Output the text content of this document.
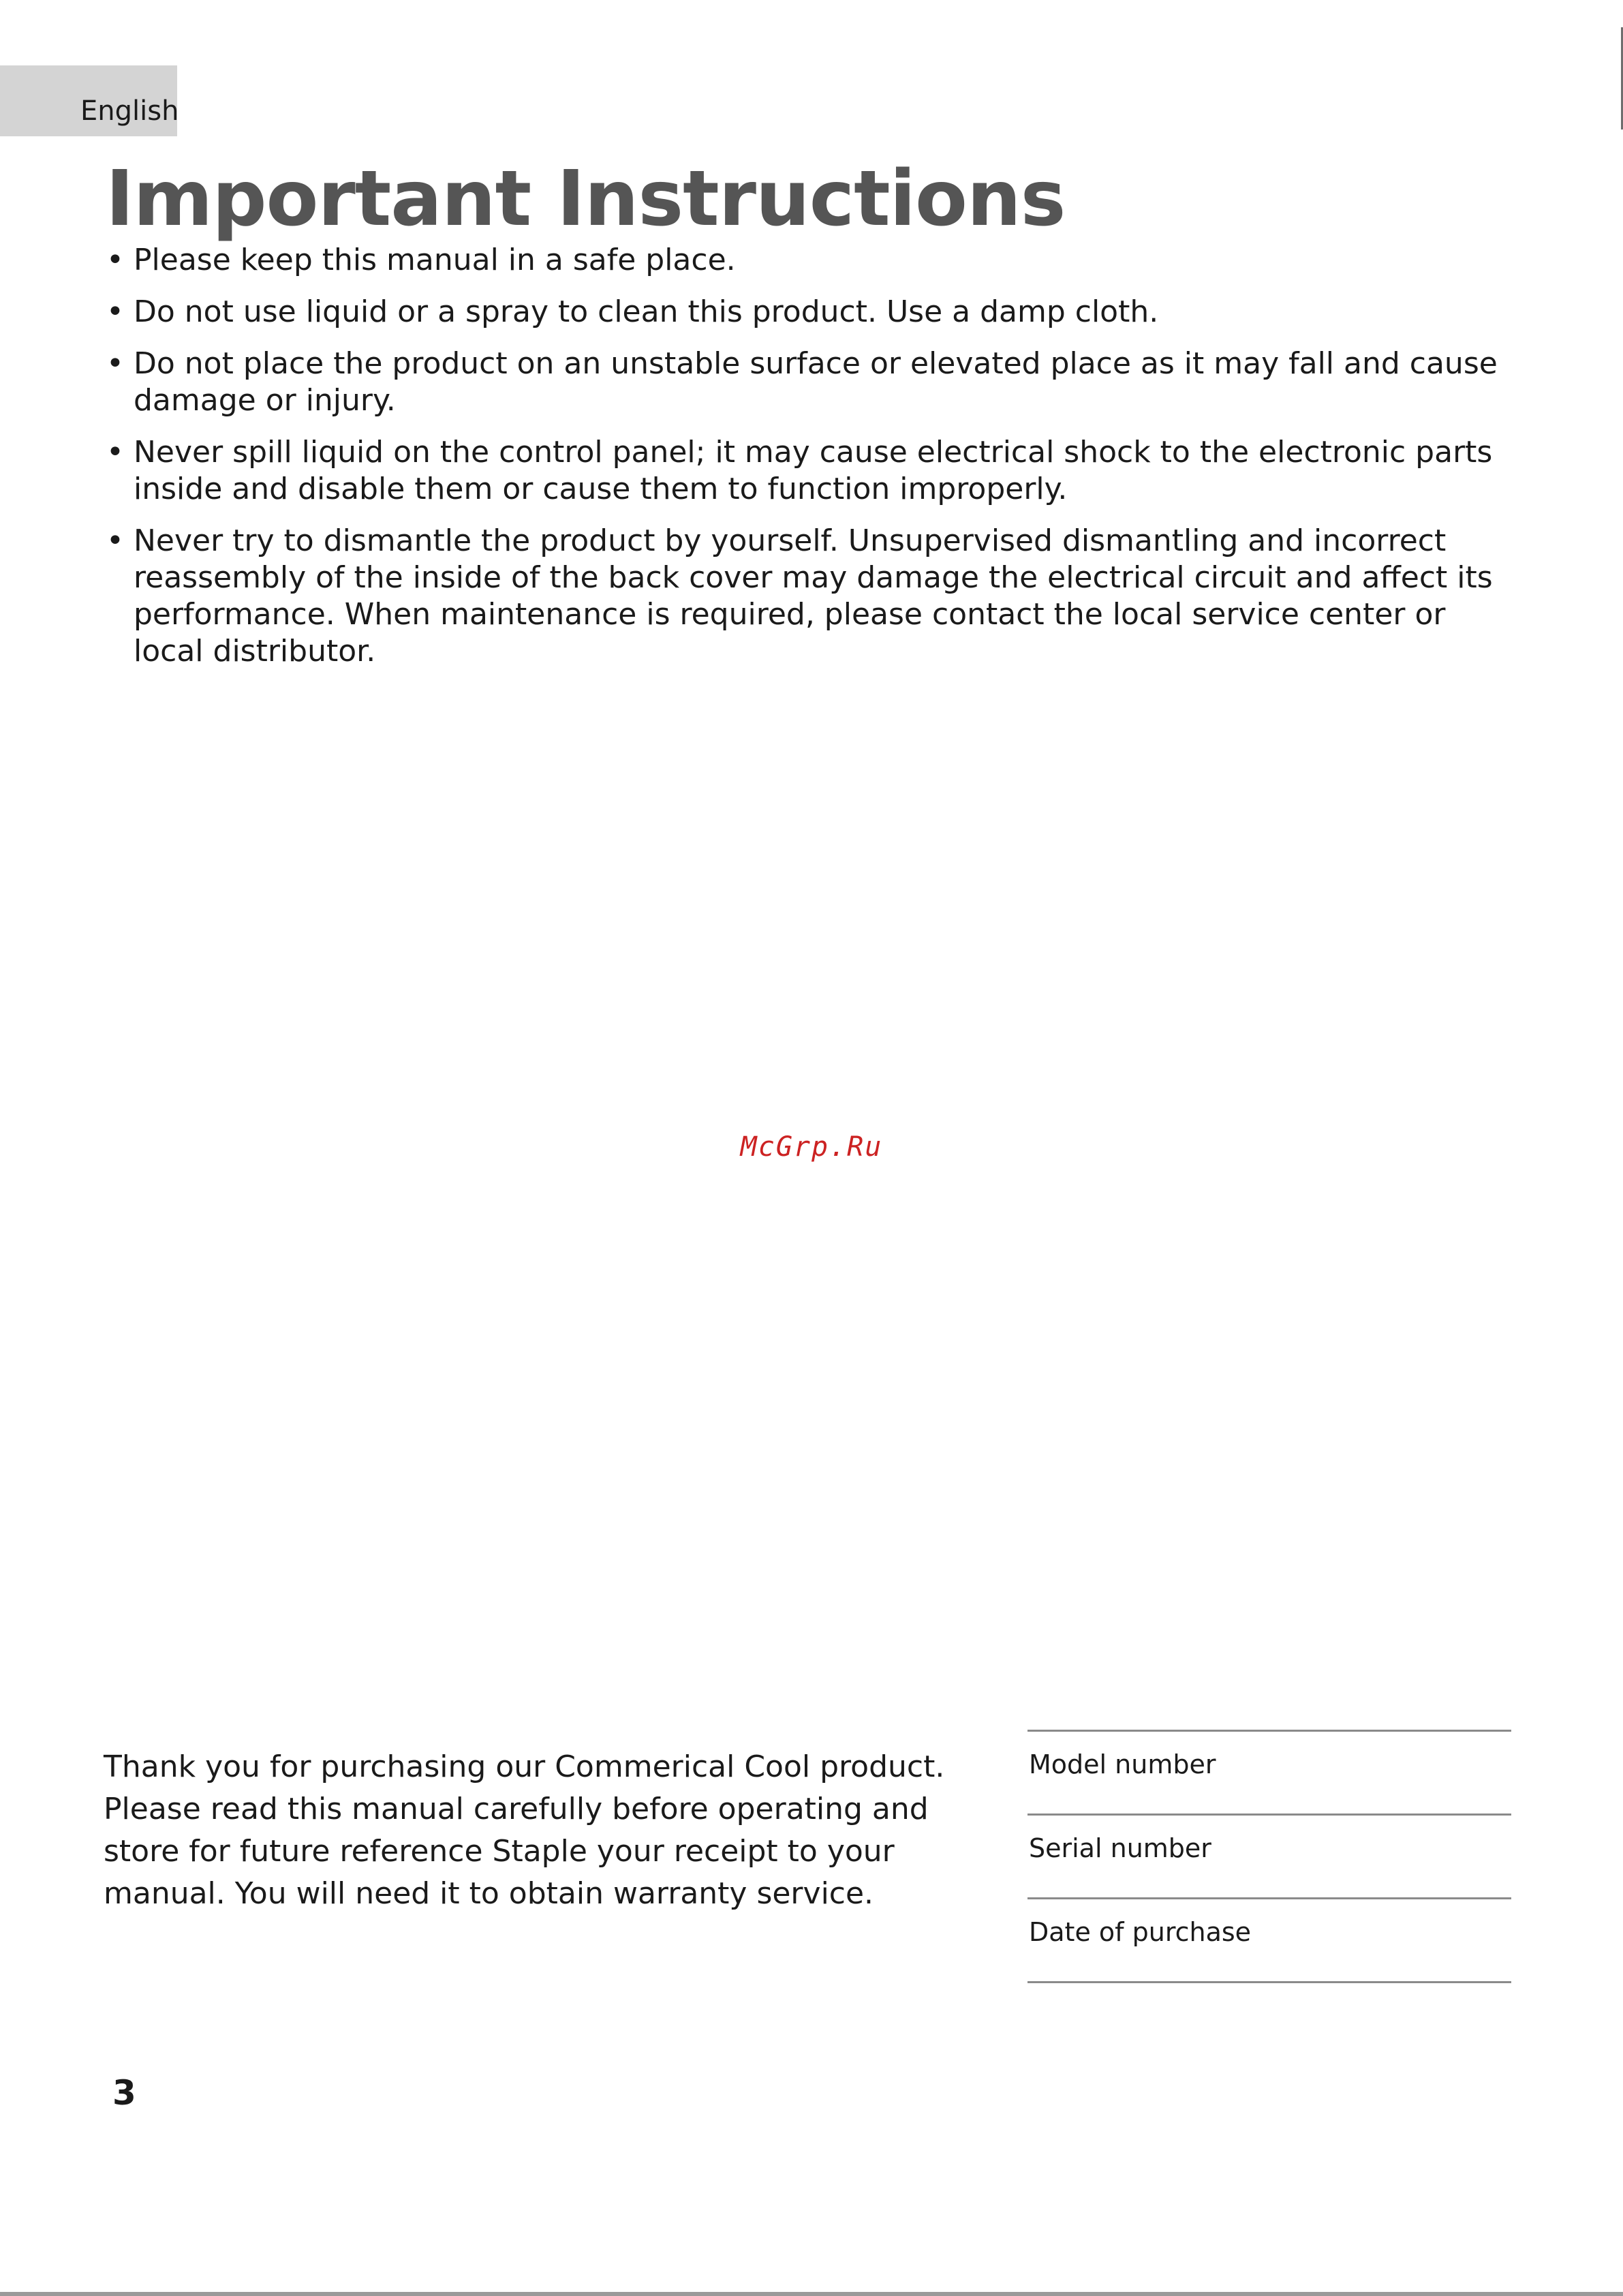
English
Important Instructions
• Please keep this manual in a safe place.
• Do not use liquid or a spray to clean this product. Use a damp cloth.
• Do not place the product on an unstable surface or elevated place as it may fall and cause damage or injury.
• Never spill liquid on the control panel; it may cause electrical shock to the electronic parts inside and disable them or cause them to function improperly.
• Never try to dismantle the product by yourself. Unsupervised dismantling and incorrect reassembly of the inside of the back cover may damage the electrical circuit and affect its performance. When maintenance is required, please contact the local service center or local distributor.
McGrp.Ru

Thank you for purchasing our Commerical Cool product. Please read this manual carefully before operating and store for future reference Staple your receipt to your manual. You will need it to obtain warranty service.

Model number
Serial number
Date of purchase
3
